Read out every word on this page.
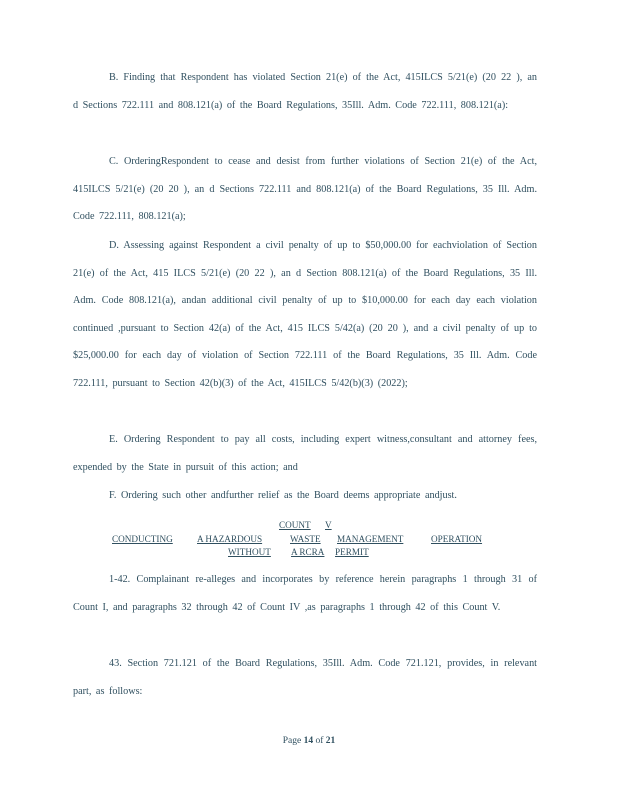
B. Finding that Respondent has violated Section 21(e) of the Act, 415ILCS 5/21(e) (20 22 ), an d Sections 722.111 and 808.121(a) of the Board Regulations, 35Ill. Adm. Code 722.111, 808.121(a):
C. OrderingRespondent to cease and desist from further violations of Section 21(e) of the Act, 415ILCS 5/21(e) (20 20 ), an d Sections 722.111 and 808.121(a) of the Board Regulations, 35 Ill. Adm. Code 722.111, 808.121(a);
D. Assessing against Respondent a civil penalty of up to $50,000.00 for eachviolation of Section 21(e) of the Act, 415 ILCS 5/21(e) (20 22 ), an d Section 808.121(a) of the Board Regulations, 35 Ill. Adm. Code 808.121(a), andan additional civil penalty of up to $10,000.00 for each day each violation continued ,pursuant to Section 42(a) of the Act, 415 ILCS 5/42(a) (20 20 ), and a civil penalty of up to $25,000.00 for each day of violation of Section 722.111 of the Board Regulations, 35 Ill. Adm. Code 722.111, pursuant to Section 42(b)(3) of the Act, 415ILCS 5/42(b)(3) (2022);
E. Ordering Respondent to pay all costs, including expert witness,consultant and attorney fees, expended by the State in pursuit of this action; and
F. Ordering such other andfurther relief as the Board deems appropriate andjust.
COUNT V
CONDUCTING	A HAZARDOUS	WASTE MANAGEMENT	OPERATION
WITHOUT A RCRA PERMIT
1-42. Complainant re-alleges and incorporates by reference herein paragraphs 1 through 31 of Count I, and paragraphs 32 through 42 of Count IV ,as paragraphs 1 through 42 of this Count V.
43. Section 721.121 of the Board Regulations, 35Ill. Adm. Code 721.121, provides, in relevant part, as follows:
Page 14 of 21
